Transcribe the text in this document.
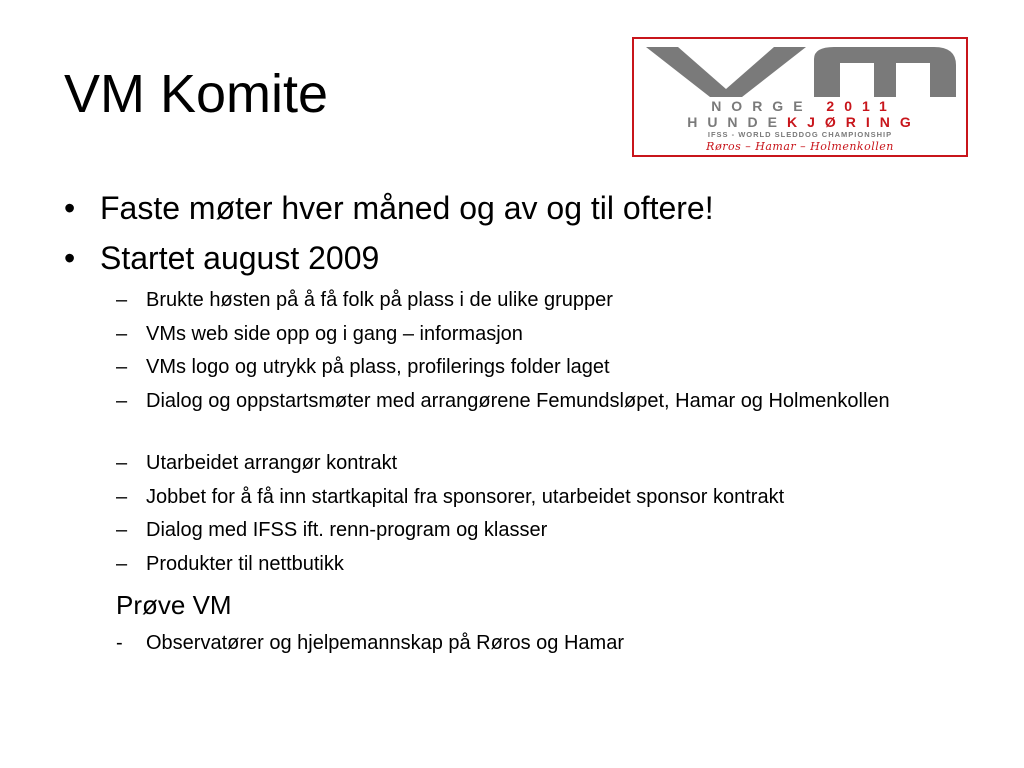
VM Komite	NORGE 2011

HUNDEKJØRING

IFSS - WORLD SLEDDOG CHAMPIONSHIP

Røros – Hamar – Holmenkollen

• Faste møter hver måned og av og til oftere!
• Startet august 2009
– Brukte høsten på å få folk på plass i de ulike grupper
– VMs web side opp og i gang – informasjon
– VMs logo og utrykk på plass, profilerings folder laget
– Dialog og oppstartsmøter med arrangørene Femundsløpet, Hamar og Holmenkollen
– Utarbeidet arrangør kontrakt
– Jobbet for å få inn startkapital fra sponsorer, utarbeidet sponsor kontrakt
– Dialog med IFSS ift. renn-program og klasser
– Produkter til nettbutikk
Prøve VM
- Observatører og hjelpemannskap på Røros og Hamar
